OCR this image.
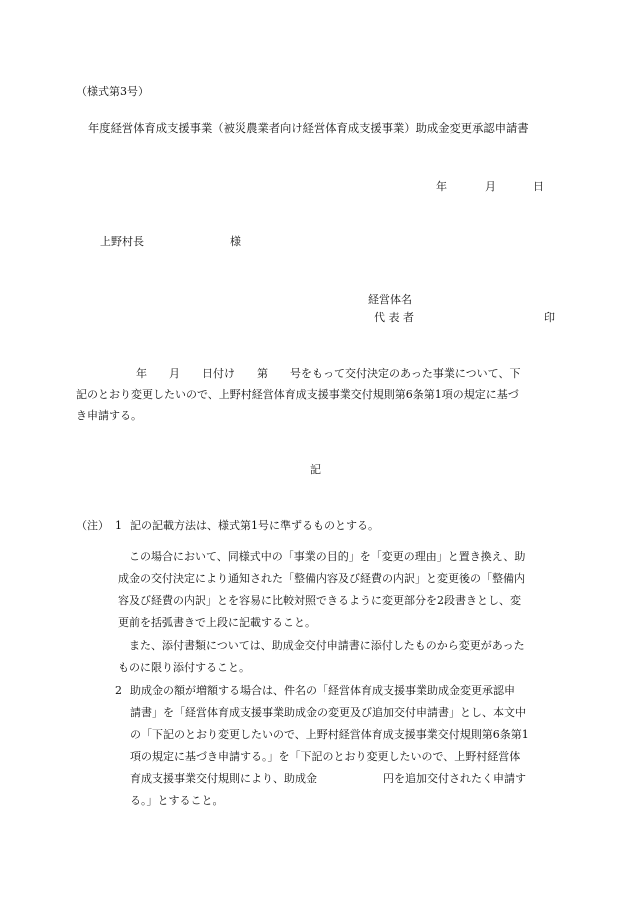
（様式第3号）
年度経営体育成支援事業（被災農業者向け経営体育成支援事業）助成金変更承認申請書
年	月	日
上野村長	様
経営体名
代 表 者	印
年　　月　　日付け　　第　　号をもって交付決定のあった事業について、下
記のとおり変更したいので、上野村経営体育成支援事業交付規則第6条第1項の規定に基づ
き申請する。
記
（注） 1 記の記載方法は、様式第1号に準ずるものとする。
　この場合において、同様式中の「事業の目的」を「変更の理由」と置き換え、助
成金の交付決定により通知された「整備内容及び経費の内訳」と変更後の「整備内
容及び経費の内訳」とを容易に比較対照できるように変更部分を2段書きとし、変
更前を括弧書きで上段に記載すること。
　また、添付書類については、助成金交付申請書に添付したものから変更があった
ものに限り添付すること。
2 助成金の額が増額する場合は、件名の「経営体育成支援事業助成金変更承認申
請書」を「経営体育成支援事業助成金の変更及び追加交付申請書」とし、本文中
の「下記のとおり変更したいので、上野村経営体育成支援事業交付規則第6条第1
項の規定に基づき申請する。」を「下記のとおり変更したいので、上野村経営体
育成支援事業交付規則により、助成金　　　　　　円を追加交付されたく申請す
る。」とすること。
